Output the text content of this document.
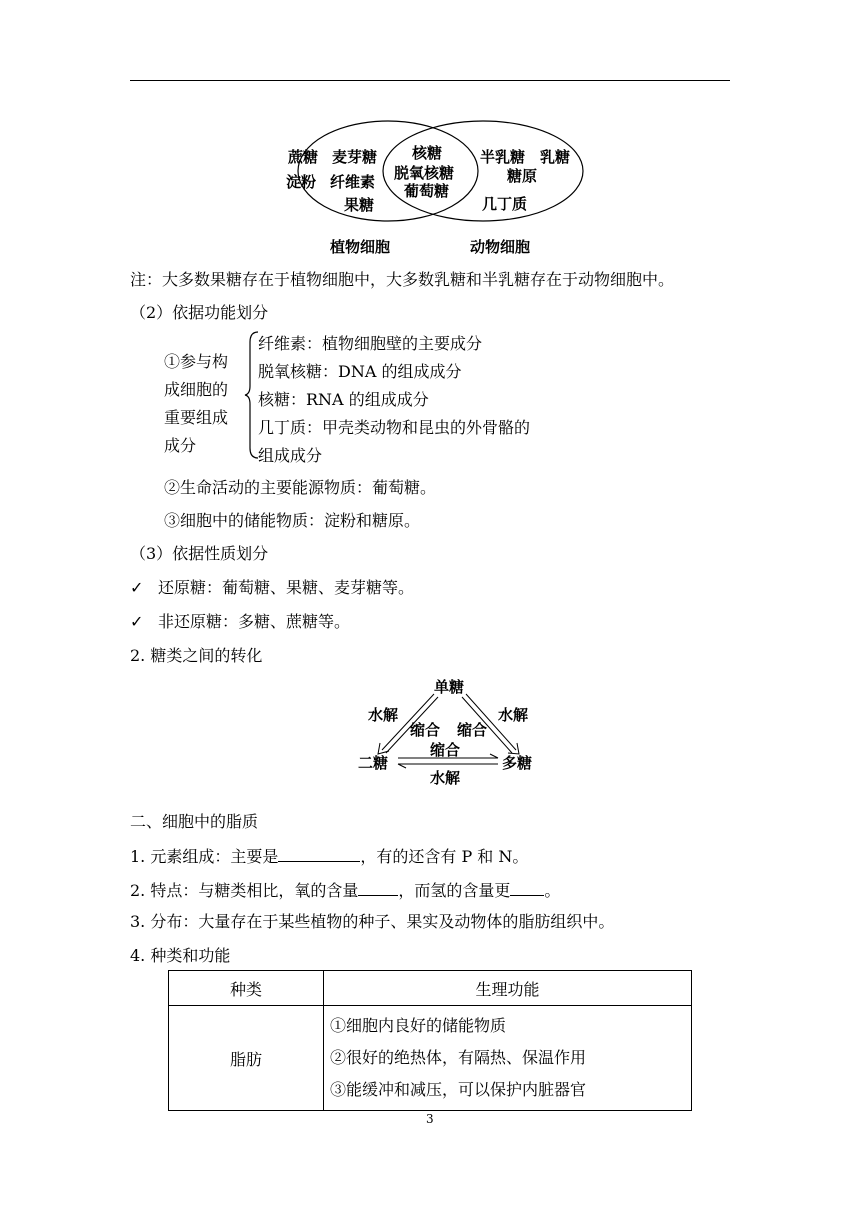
蔗糖 麦芽糖
淀粉 纤维素
果糖
核糖
脱氧核糖
葡萄糖
半乳糖 乳糖
糖原
几丁质
植物细胞	动物细胞
注：大多数果糖存在于植物细胞中，大多数乳糖和半乳糖存在于动物细胞中。
（2）依据功能划分
①参与构
成细胞的
重要组成
成分
纤维素：植物细胞壁的主要成分
脱氧核糖：DNA 的组成成分
核糖：RNA 的组成成分
几丁质：甲壳类动物和昆虫的外骨骼的
组成成分
②生命活动的主要能源物质：葡萄糖。
③细胞中的储能物质：淀粉和糖原。
（3）依据性质划分
✓ 还原糖：葡萄糖、果糖、麦芽糖等。
✓ 非还原糖：多糖、蔗糖等。
2. 糖类之间的转化
单糖
水解	水解
缩合 缩合
缩合
二糖	多糖
水解
二、细胞中的脂质
1. 元素组成：主要是	，有的还含有 P 和 N。
2. 特点：与糖类相比，氧的含量	，而氢的含量更 。
3. 分布：大量存在于某些植物的种子、果实及动物体的脂肪组织中。
4. 种类和功能
种类	生理功能
脂肪	①细胞内良好的储能物质
②很好的绝热体，有隔热、保温作用
③能缓冲和减压，可以保护内脏器官
3
